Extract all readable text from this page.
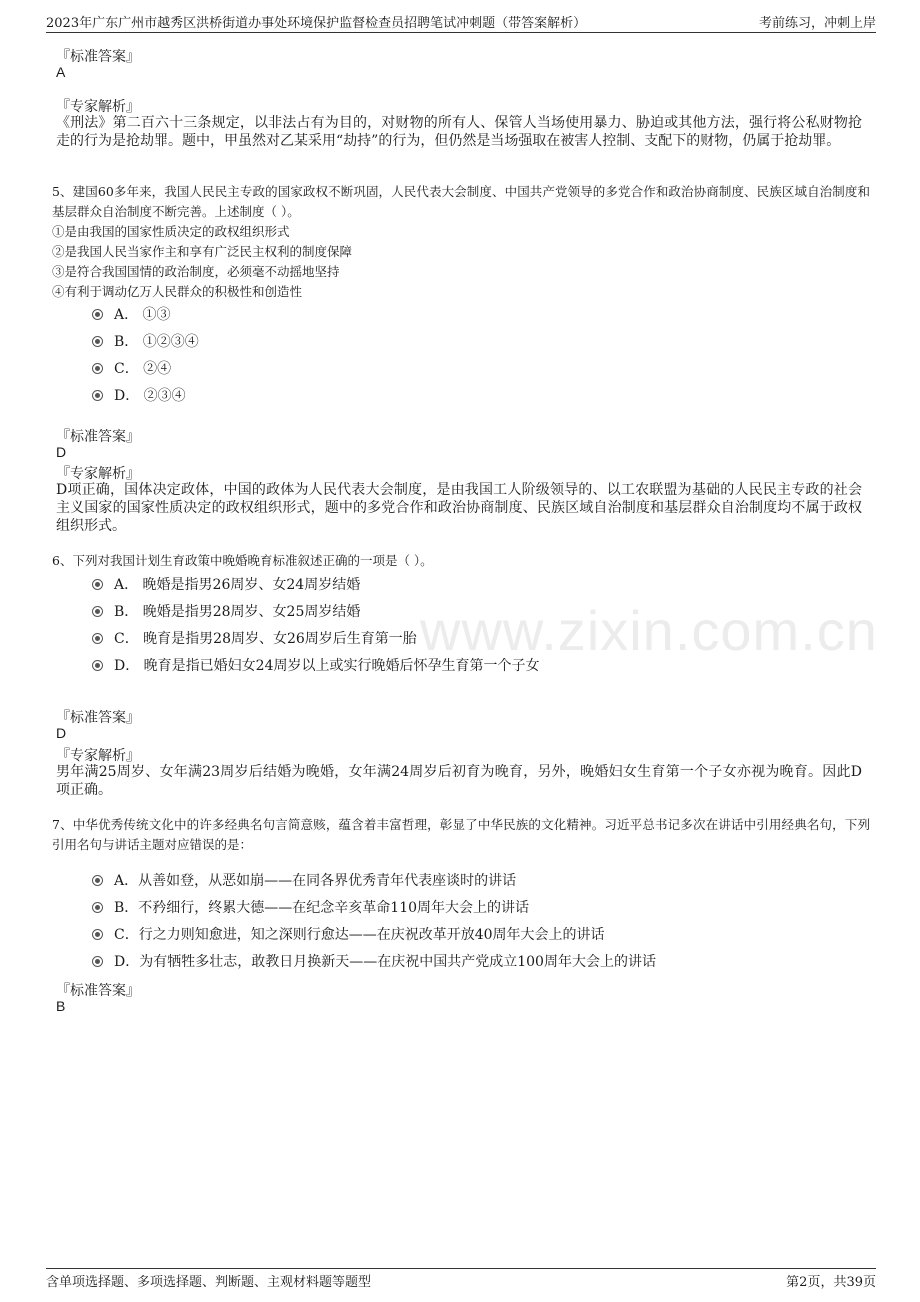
www.zixin.com.cn
2023年广东广州市越秀区洪桥街道办事处环境保护监督检查员招聘笔试冲刺题（带答案解析）	考前练习，冲刺上岸
『标准答案』
A
『专家解析』
《刑法》第二百六十三条规定，以非法占有为目的，对财物的所有人、保管人当场使用暴力、胁迫或其他方法，强行将公私财物抢走的行为是抢劫罪。题中，甲虽然对乙某采用“劫持”的行为，但仍然是当场强取在被害人控制、支配下的财物，仍属于抢劫罪。
5、建国60多年来，我国人民民主专政的国家政权不断巩固，人民代表大会制度、中国共产党领导的多党合作和政治协商制度、民族区域自治制度和基层群众自治制度不断完善。上述制度（ ）。
①是由我国的国家性质决定的政权组织形式
②是我国人民当家作主和享有广泛民主权利的制度保障
③是符合我国国情的政治制度，必须毫不动摇地坚持
④有利于调动亿万人民群众的积极性和创造性
A． ①③
B． ①②③④
C． ②④
D． ②③④
『标准答案』
D
『专家解析』
D项正确，国体决定政体，中国的政体为人民代表大会制度，是由我国工人阶级领导的、以工农联盟为基础的人民民主专政的社会主义国家的国家性质决定的政权组织形式，题中的多党合作和政治协商制度、民族区域自治制度和基层群众自治制度均不属于政权组织形式。
6、下列对我国计划生育政策中晚婚晚育标准叙述正确的一项是（ ）。
A． 晚婚是指男26周岁、女24周岁结婚
B． 晚婚是指男28周岁、女25周岁结婚
C． 晚育是指男28周岁、女26周岁后生育第一胎
D． 晚育是指已婚妇女24周岁以上或实行晚婚后怀孕生育第一个子女
『标准答案』
D
『专家解析』
男年满25周岁、女年满23周岁后结婚为晚婚，女年满24周岁后初育为晚育，另外，晚婚妇女生育第一个子女亦视为晚育。因此D项正确。
7、中华优秀传统文化中的许多经典名句言简意赅，蕴含着丰富哲理，彰显了中华民族的文化精神。习近平总书记多次在讲话中引用经典名句，下列引用名句与讲话主题对应错误的是：
A．从善如登，从恶如崩——在同各界优秀青年代表座谈时的讲话
B．不矜细行，终累大德——在纪念辛亥革命110周年大会上的讲话
C．行之力则知愈进，知之深则行愈达——在庆祝改革开放40周年大会上的讲话
D．为有牺牲多壮志，敢教日月换新天——在庆祝中国共产党成立100周年大会上的讲话
『标准答案』
B
含单项选择题、多项选择题、判断题、主观材料题等题型	第2页，共39页
